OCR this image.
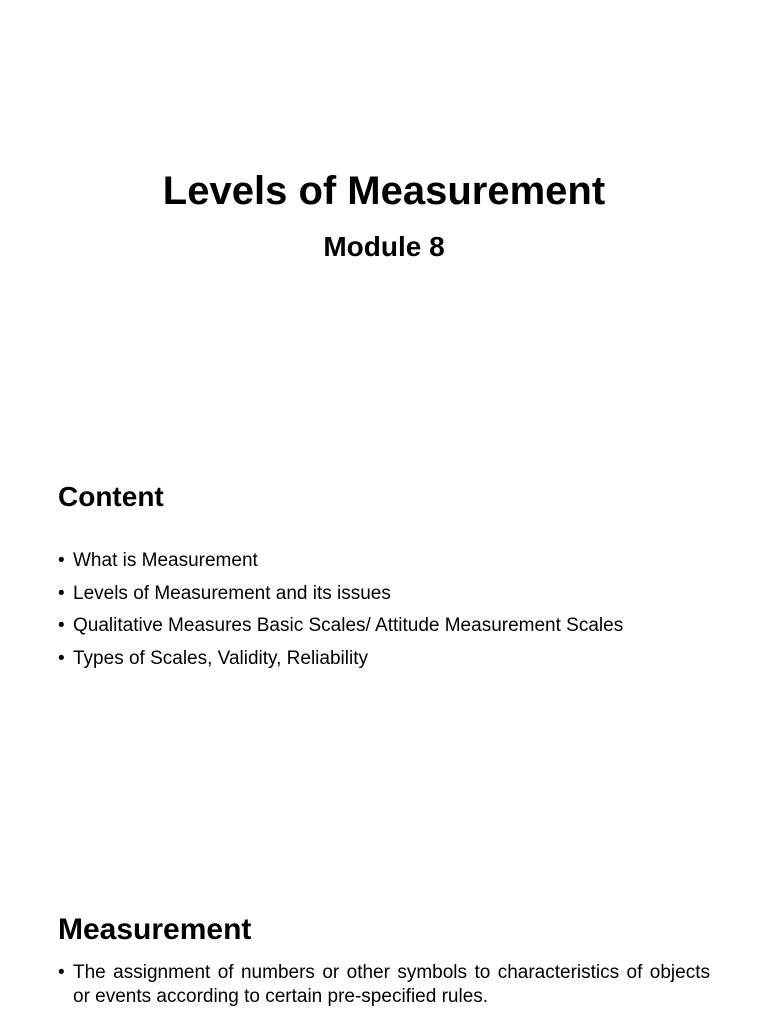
Levels of Measurement
Module 8
Content
• What is Measurement
• Levels of Measurement and its issues
• Qualitative Measures Basic Scales/ Attitude Measurement Scales
• Types of Scales, Validity, Reliability
Measurement
• The assignment of numbers or other symbols to characteristics of objects or events according to certain pre-specified rules.
